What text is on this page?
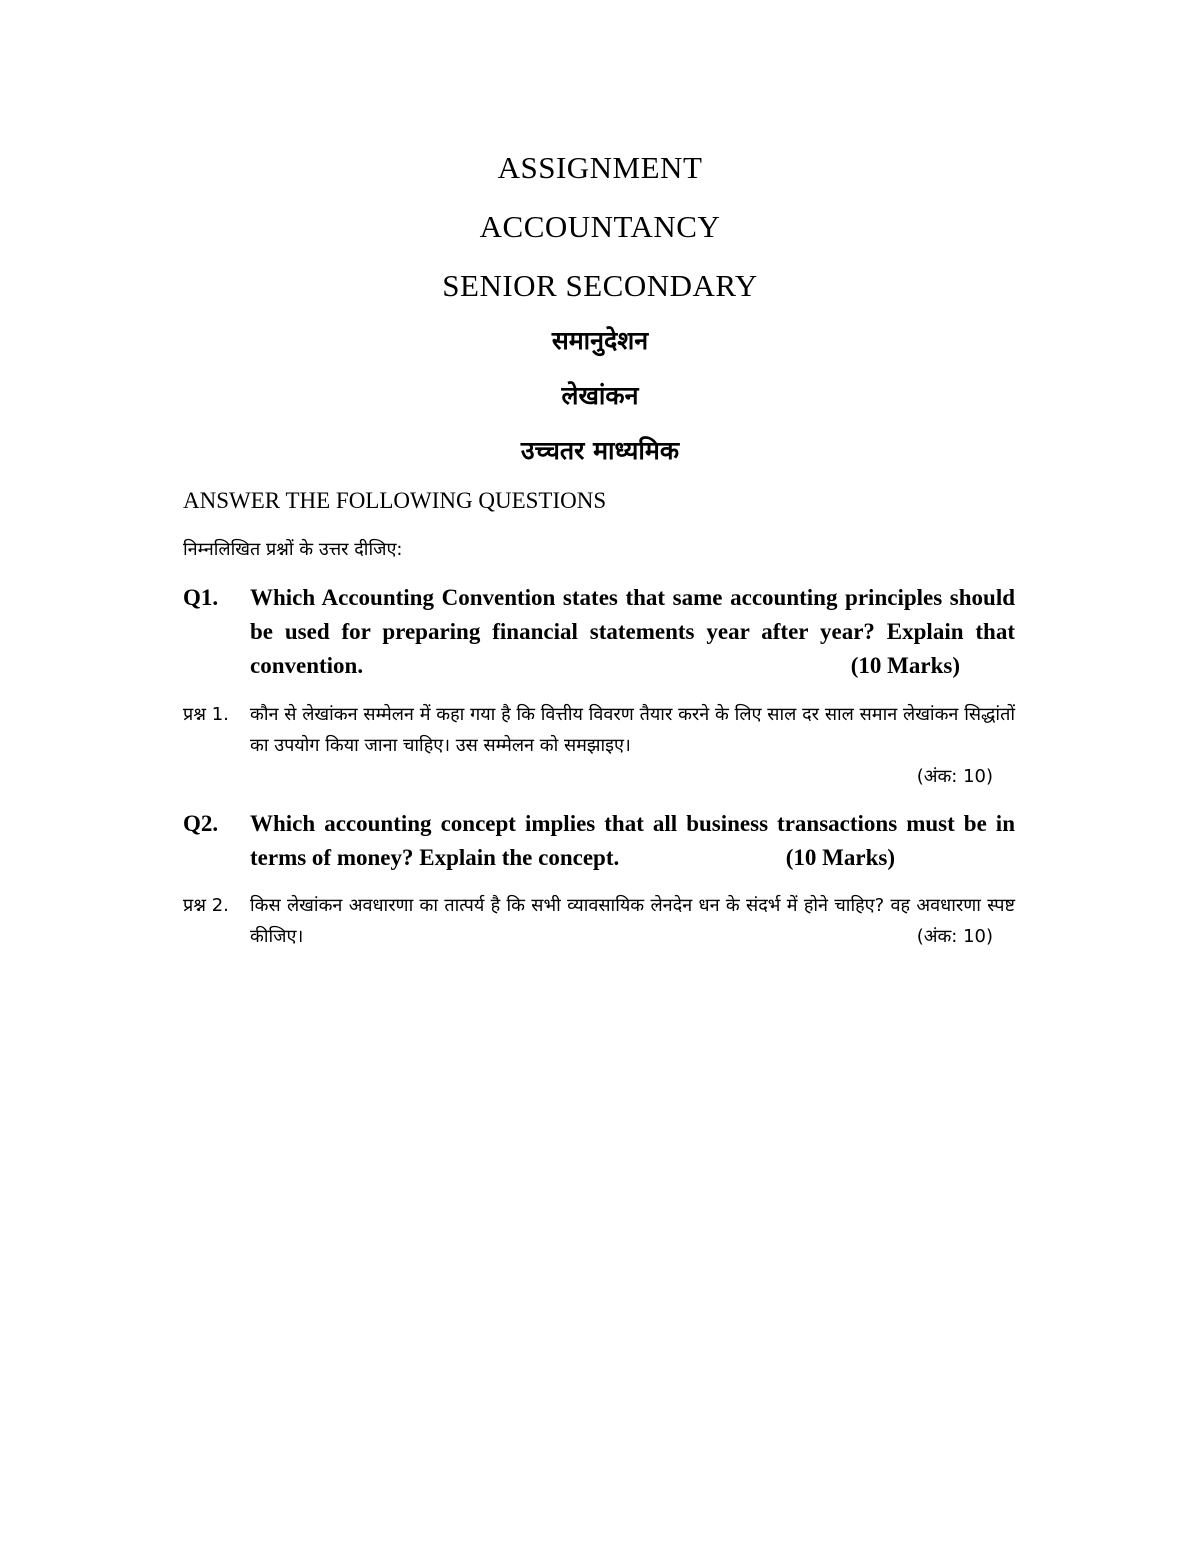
ASSIGNMENT
ACCOUNTANCY
SENIOR SECONDARY
समानुदेशन
लेखांकन
उच्चतर माध्यमिक
ANSWER THE FOLLOWING QUESTIONS
निम्नलिखित प्रश्नों के उत्तर दीजिए:
Q1. Which Accounting Convention states that same accounting principles should be used for preparing financial statements year after year? Explain that convention.	(10 Marks)
प्रश्न 1. कौन से लेखांकन सम्मेलन में कहा गया है कि वित्तीय विवरण तैयार करने के लिए साल दर साल समान लेखांकन सिद्धांतों का उपयोग किया जाना चाहिए। उस सम्मेलन को समझाइए।
(अंक: 10)
Q2. Which accounting concept implies that all business transactions must be in terms of money? Explain the concept.	(10 Marks)
प्रश्न 2. किस लेखांकन अवधारणा का तात्पर्य है कि सभी व्यावसायिक लेनदेन धन के संदर्भ में होने चाहिए? वह अवधारणा स्पष्ट कीजिए।	(अंक: 10)
